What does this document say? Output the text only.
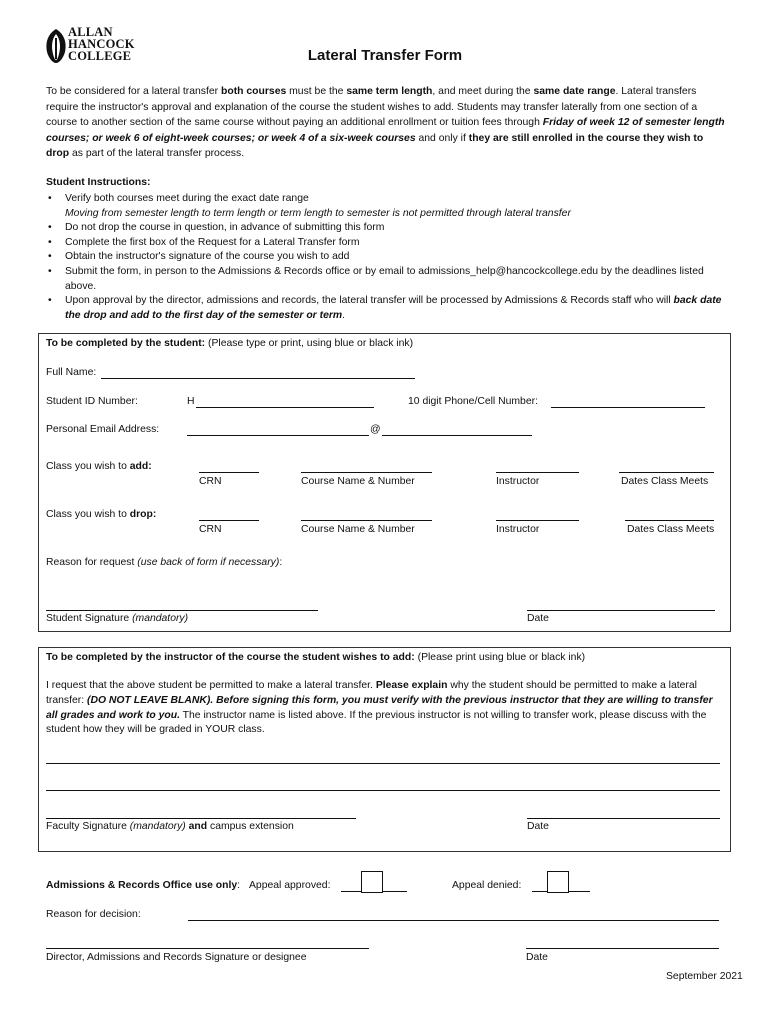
ALLAN
HANCOCK
COLLEGE	Lateral Transfer Form
To be considered for a lateral transfer both courses must be the same term length, and meet during the same date range. Lateral transfers require the instructor's approval and explanation of the course the student wishes to add. Students may transfer laterally from one section of a course to another section of the same course without paying an additional enrollment or tuition fees through Friday of week 12 of semester length courses; or week 6 of eight-week courses; or week 4 of a six-week courses and only if they are still enrolled in the course they wish to drop as part of the lateral transfer process.
Student Instructions:
• Verify both courses meet during the exact date range
Moving from semester length to term length or term length to semester is not permitted through lateral transfer
• Do not drop the course in question, in advance of submitting this form
• Complete the first box of the Request for a Lateral Transfer form
• Obtain the instructor's signature of the course you wish to add
• Submit the form, in person to the Admissions & Records office or by email to admissions_help@hancockcollege.edu by the deadlines listed above.
• Upon approval by the director, admissions and records, the lateral transfer will be processed by Admissions & Records staff who will back date the drop and add to the first day of the semester or term.
To be completed by the student: (Please type or print, using blue or black ink)
Full Name:
Student ID Number:	H	10 digit Phone/Cell Number:
Personal Email Address:	@
Class you wish to add:
CRN	Course Name & Number	Instructor	Dates Class Meets
Class you wish to drop:
CRN	Course Name & Number	Instructor	Dates Class Meets
Reason for request (use back of form if necessary):
Student Signature (mandatory)	Date
To be completed by the instructor of the course the student wishes to add: (Please print using blue or black ink)
I request that the above student be permitted to make a lateral transfer. Please explain why the student should be permitted to make a lateral transfer: (DO NOT LEAVE BLANK). Before signing this form, you must verify with the previous instructor that they are willing to transfer all grades and work to you. The instructor name is listed above. If the previous instructor is not willing to transfer work, please discuss with the student how they will be graded in YOUR class.
Faculty Signature (mandatory) and campus extension	Date
Admissions & Records Office use only: Appeal approved:	Appeal denied:
Reason for decision:
Director, Admissions and Records Signature or designee	Date
September 2021
